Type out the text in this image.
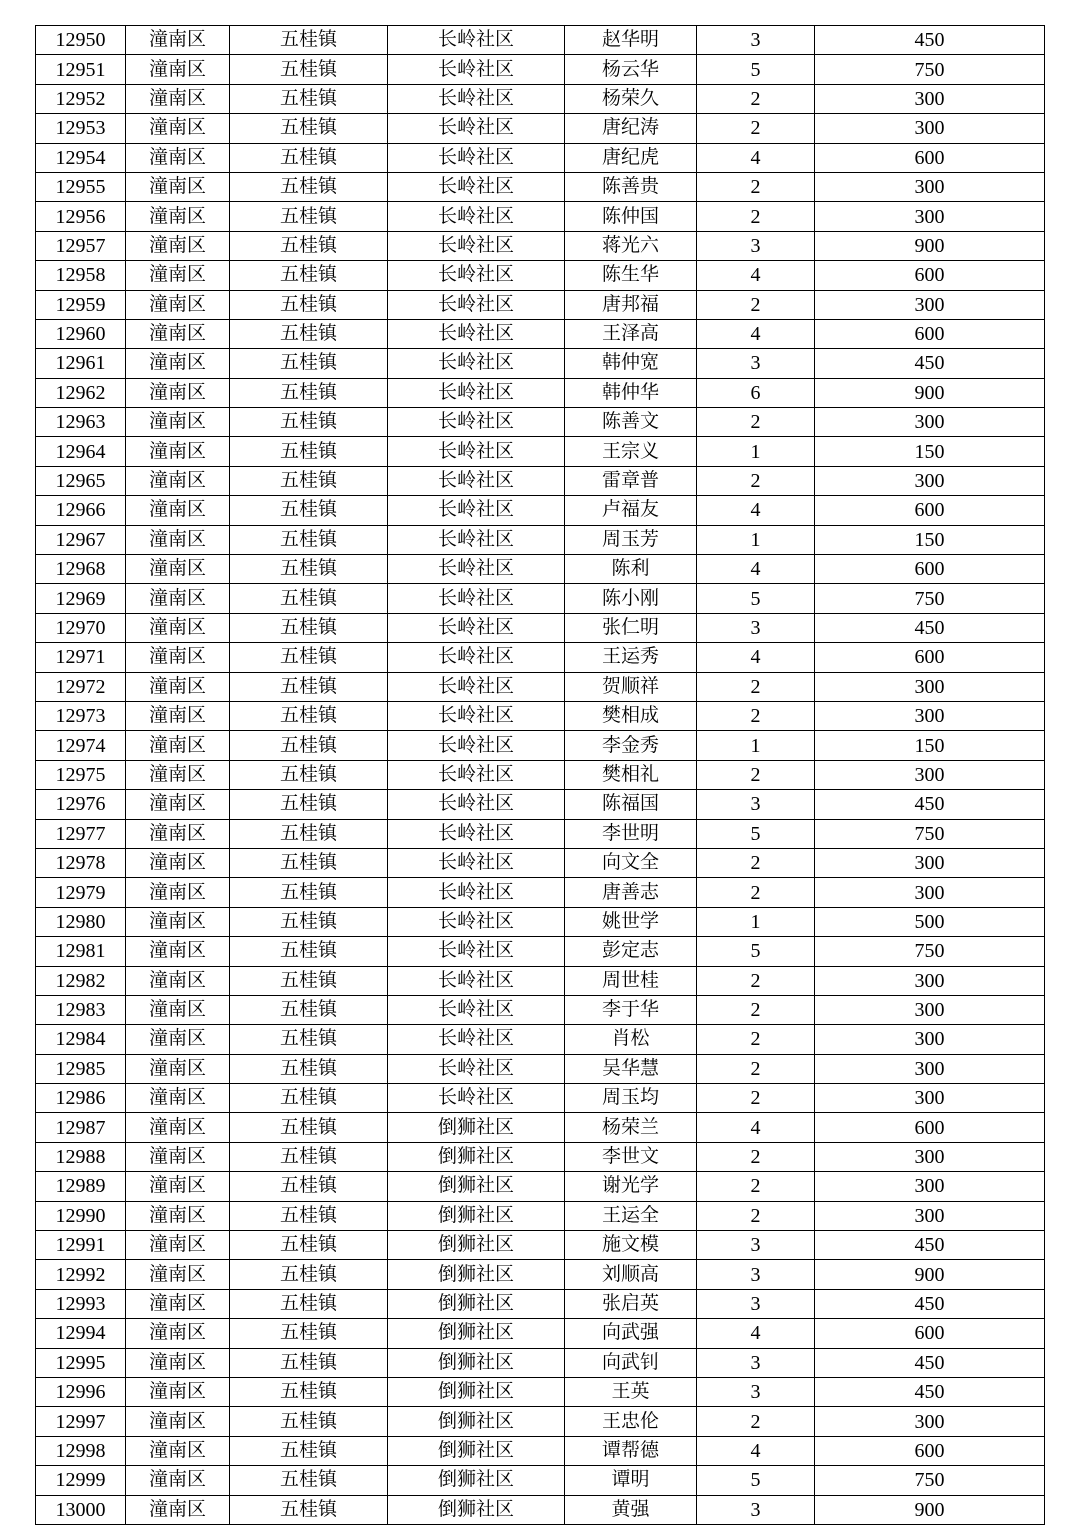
12950	潼南区	五桂镇	长岭社区	赵华明	3	450
12951	潼南区	五桂镇	长岭社区	杨云华	5	750
12952	潼南区	五桂镇	长岭社区	杨荣久	2	300
12953	潼南区	五桂镇	长岭社区	唐纪涛	2	300
12954	潼南区	五桂镇	长岭社区	唐纪虎	4	600
12955	潼南区	五桂镇	长岭社区	陈善贵	2	300
12956	潼南区	五桂镇	长岭社区	陈仲国	2	300
12957	潼南区	五桂镇	长岭社区	蒋光六	3	900
12958	潼南区	五桂镇	长岭社区	陈生华	4	600
12959	潼南区	五桂镇	长岭社区	唐邦福	2	300
12960	潼南区	五桂镇	长岭社区	王泽高	4	600
12961	潼南区	五桂镇	长岭社区	韩仲宽	3	450
12962	潼南区	五桂镇	长岭社区	韩仲华	6	900
12963	潼南区	五桂镇	长岭社区	陈善文	2	300
12964	潼南区	五桂镇	长岭社区	王宗义	1	150
12965	潼南区	五桂镇	长岭社区	雷章普	2	300
12966	潼南区	五桂镇	长岭社区	卢福友	4	600
12967	潼南区	五桂镇	长岭社区	周玉芳	1	150
12968	潼南区	五桂镇	长岭社区	陈利	4	600
12969	潼南区	五桂镇	长岭社区	陈小刚	5	750
12970	潼南区	五桂镇	长岭社区	张仁明	3	450
12971	潼南区	五桂镇	长岭社区	王运秀	4	600
12972	潼南区	五桂镇	长岭社区	贺顺祥	2	300
12973	潼南区	五桂镇	长岭社区	樊相成	2	300
12974	潼南区	五桂镇	长岭社区	李金秀	1	150
12975	潼南区	五桂镇	长岭社区	樊相礼	2	300
12976	潼南区	五桂镇	长岭社区	陈福国	3	450
12977	潼南区	五桂镇	长岭社区	李世明	5	750
12978	潼南区	五桂镇	长岭社区	向文全	2	300
12979	潼南区	五桂镇	长岭社区	唐善志	2	300
12980	潼南区	五桂镇	长岭社区	姚世学	1	500
12981	潼南区	五桂镇	长岭社区	彭定志	5	750
12982	潼南区	五桂镇	长岭社区	周世桂	2	300
12983	潼南区	五桂镇	长岭社区	李于华	2	300
12984	潼南区	五桂镇	长岭社区	肖松	2	300
12985	潼南区	五桂镇	长岭社区	吴华慧	2	300
12986	潼南区	五桂镇	长岭社区	周玉均	2	300
12987	潼南区	五桂镇	倒狮社区	杨荣兰	4	600
12988	潼南区	五桂镇	倒狮社区	李世文	2	300
12989	潼南区	五桂镇	倒狮社区	谢光学	2	300
12990	潼南区	五桂镇	倒狮社区	王运全	2	300
12991	潼南区	五桂镇	倒狮社区	施文模	3	450
12992	潼南区	五桂镇	倒狮社区	刘顺高	3	900
12993	潼南区	五桂镇	倒狮社区	张启英	3	450
12994	潼南区	五桂镇	倒狮社区	向武强	4	600
12995	潼南区	五桂镇	倒狮社区	向武钊	3	450
12996	潼南区	五桂镇	倒狮社区	王英	3	450
12997	潼南区	五桂镇	倒狮社区	王忠伦	2	300
12998	潼南区	五桂镇	倒狮社区	谭帮德	4	600
12999	潼南区	五桂镇	倒狮社区	谭明	5	750
13000	潼南区	五桂镇	倒狮社区	黄强	3	900
